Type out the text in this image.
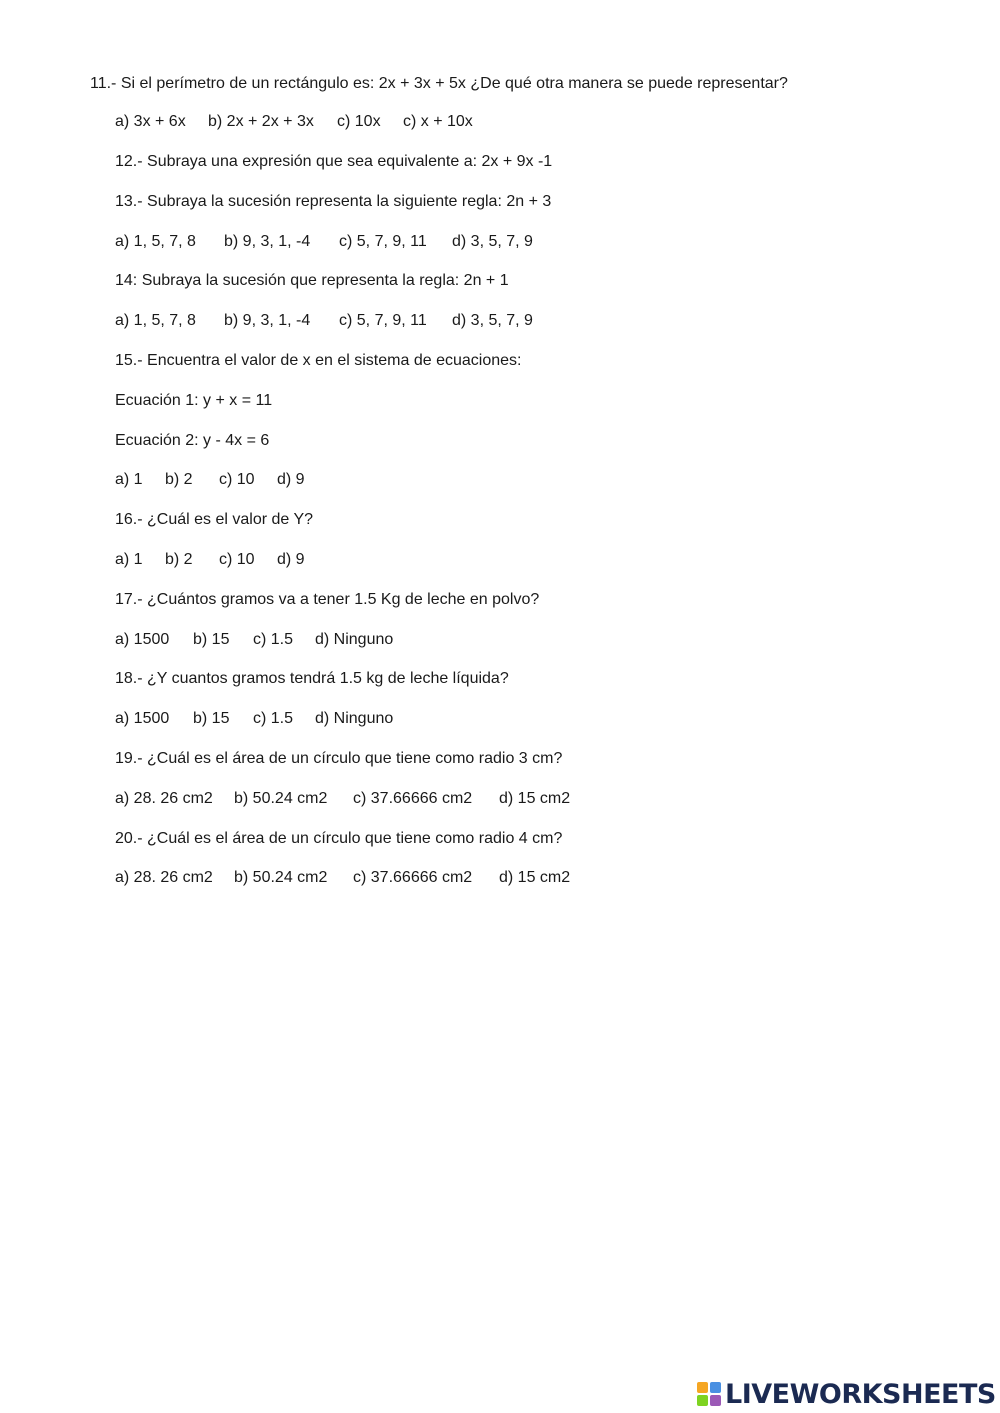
11.- Si el perímetro de un rectángulo es: 2x + 3x + 5x ¿De qué otra manera se puede representar?
a) 3x + 6x	b) 2x + 2x + 3x	c) 10x	c) x + 10x
12.- Subraya una expresión que sea equivalente a: 2x + 9x -1
13.- Subraya la sucesión representa la siguiente regla: 2n + 3
a) 1, 5, 7, 8	b) 9, 3, 1, -4	c) 5, 7, 9, 11	d) 3, 5, 7, 9
14: Subraya la sucesión que representa la regla: 2n + 1
a) 1, 5, 7, 8	b) 9, 3, 1, -4	c) 5, 7, 9, 11	d) 3, 5, 7, 9
15.- Encuentra el valor de x en el sistema de ecuaciones:
Ecuación 1: y + x = 11
Ecuación 2: y - 4x = 6
a) 1	b) 2	c) 10	d) 9
16.- ¿Cuál es el valor de Y?
a) 1	b) 2	c) 10	d) 9
17.- ¿Cuántos gramos va a tener 1.5 Kg de leche en polvo?
a) 1500	b) 15	c) 1.5	d) Ninguno
18.- ¿Y cuantos gramos tendrá 1.5 kg de leche líquida?
a) 1500	b) 15	c) 1.5	d) Ninguno
19.- ¿Cuál es el área de un círculo que tiene como radio 3 cm?
a) 28. 26 cm2	b) 50.24 cm2	c) 37.66666 cm2	d) 15 cm2
20.- ¿Cuál es el área de un círculo que tiene como radio 4 cm?
a) 28. 26 cm2	b) 50.24 cm2	c) 37.66666 cm2	d) 15 cm2
LIVEWORKSHEETS
